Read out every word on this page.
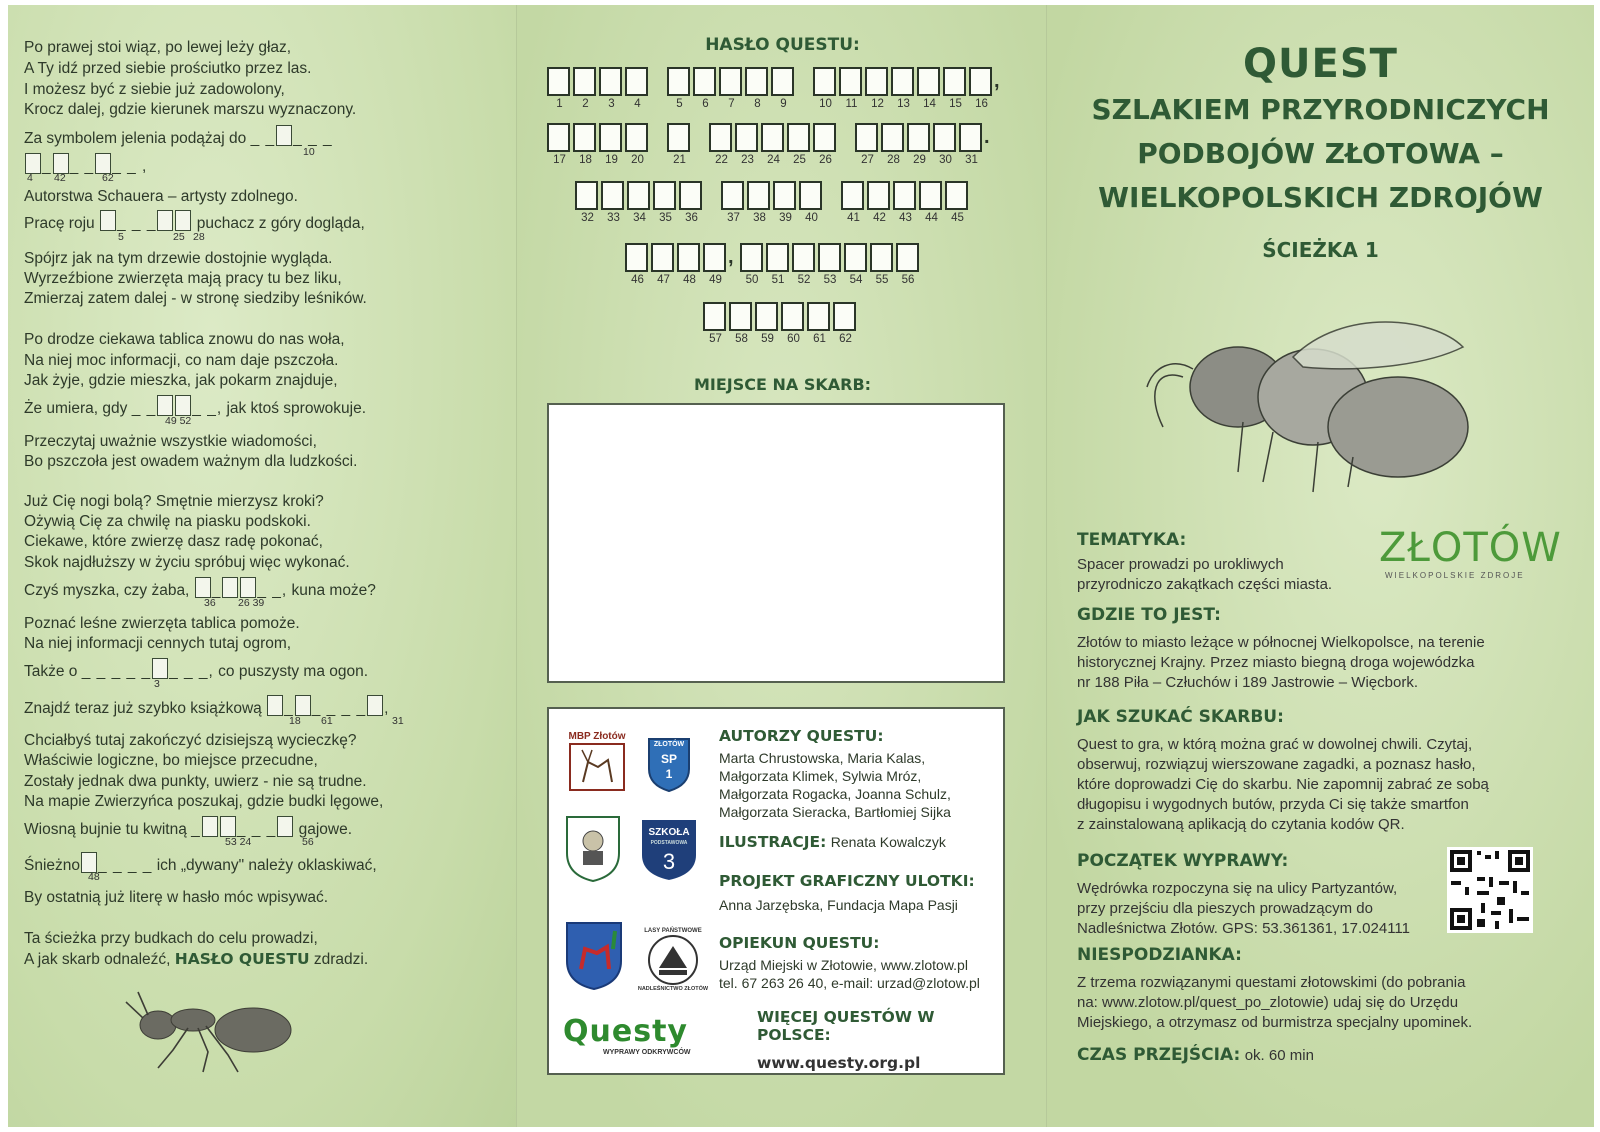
Po prawej stoi wiąz, po lewej leży głaz,
A Ty idź przed siebie prościutko przez las.
I możesz być z siebie już zadowolony,
Krocz dalej, gdzie kierunek marszu wyznaczony.
Za symbolem jelenia podążaj do _ _ _ _ _
10
_ _ _ _ _ ,
4 42	62
Autorstwa Schauera – artysty zdolnego.
Pracę roju _ _ _	puchacz z góry dogląda,
5	25 28
Spójrz jak na tym drzewie dostojnie wygląda.
Wyrzeźbione zwierzęta mają pracy tu bez liku,
Zmierzaj zatem dalej - w stronę siedziby leśników.
Po drodze ciekawa tablica znowu do nas woła,
Na niej moc informacji, co nam daje pszczoła.
Jak żyje, gdzie mieszka, jak pokarm znajduje,
Że umiera, gdy _ _ _ _, jak ktoś sprowokuje.
49 52
Przeczytaj uważnie wszystkie wiadomości,
Bo pszczoła jest owadem ważnym dla ludzkości.
Już Cię nogi bolą? Smętnie mierzysz kroki?
Ożywią Cię za chwilę na piasku podskoki.
Ciekawe, które zwierzę dasz radę pokonać,
Skok najdłuższy w życiu spróbuj więc wykonać.
Czyś myszka, czy żaba, _ _ _, kuna może?
36 26 39
Poznać leśne zwierzęta tablica pomoże.
Na niej informacji cennych tutaj ogrom,
Także o _ _ _ _ _ _ _ _, co puszysty ma ogon.
3
Znajdź teraz już szybko książkową _ _ _ _ _ ,
18 61	31
Chciałbyś tutaj zakończyć dzisiejszą wycieczkę?
Właściwie logiczne, bo miejsce przecudne,
Zostały jednak dwa punkty, uwierz - nie są trudne.
Na mapie Zwierzyńca poszukaj, gdzie budki lęgowe,
Wiosną bujnie tu kwitną _ _ _ _ gajowe.
53 24	56
Śnieżno _ _ _ _ ich „dywany" należy oklaskiwać,
48
By ostatnią już literę w hasło móc wpisywać.
Ta ścieżka przy budkach do celu prowadzi,
A jak skarb odnaleźć, HASŁO QUESTU zdradzi.
HASŁO QUESTU:
,
1	2	3	4	5	6	7	8	9	10	11	12	13	14	15	16
.
17	18	19	20	21	22	23	24	25	26	27	28	29	30	31
32	33	34	35	36	37	38	39	40	41	42	43	44	45
,
46	47	48	49	50	51	52	53	54	55	56
57	58	59	60	61	62
MIEJSCE NA SKARB:
MBP Złotów
ZŁOTÓW
SP
1
SZKOŁA
PODSTAWOWA
3
LASY PAŃSTWOWE
NADLEŚNICTWO ZŁOTÓW
Questy
WYPRAWY ODKRYWCÓW
AUTORZY QUESTU:
Marta Chrustowska, Maria Kalas,
Małgorzata Klimek, Sylwia Mróz,
Małgorzata Rogacka, Joanna Schulz,
Małgorzata Sieracka, Bartłomiej Sijka
ILUSTRACJE: Renata Kowalczyk
PROJEKT GRAFICZNY ULOTKI:
Anna Jarzębska, Fundacja Mapa Pasji
OPIEKUN QUESTU:
Urząd Miejski w Złotowie, www.zlotow.pl
tel. 67 263 26 40, e-mail: urzad@zlotow.pl
WIĘCEJ QUESTÓW W POLSCE:
www.questy.org.pl
QUEST
SZLAKIEM PRZYRODNICZYCH
PODBOJÓW ZŁOTOWA –
WIELKOPOLSKICH ZDROJÓW
ŚCIEŻKA 1
TEMATYKA:
Spacer prowadzi po urokliwych
przyrodniczo zakątkach części miasta.
ZŁOTÓW
WIELKOPOLSKIE ZDROJE
GDZIE TO JEST:
Złotów to miasto leżące w północnej Wielkopolsce, na terenie
historycznej Krajny. Przez miasto biegną droga wojewódzka
nr 188 Piła – Człuchów i 189 Jastrowie – Więcbork.
JAK SZUKAĆ SKARBU:
Quest to gra, w którą można grać w dowolnej chwili. Czytaj,
obserwuj, rozwiązuj wierszowane zagadki, a poznasz hasło,
które doprowadzi Cię do skarbu. Nie zapomnij zabrać ze sobą
długopisu i wygodnych butów, przyda Ci się także smartfon
z zainstalowaną aplikacją do czytania kodów QR.
POCZĄTEK WYPRAWY:
Wędrówka rozpoczyna się na ulicy Partyzantów,
przy przejściu dla pieszych prowadzącym do
Nadleśnictwa Złotów. GPS: 53.361361, 17.024111
NIESPODZIANKA:
Z trzema rozwiązanymi questami złotowskimi (do pobrania
na: www.zlotow.pl/quest_po_zlotowie) udaj się do Urzędu
Miejskiego, a otrzymasz od burmistrza specjalny upominek.
CZAS PRZEJŚCIA: ok. 60 min
